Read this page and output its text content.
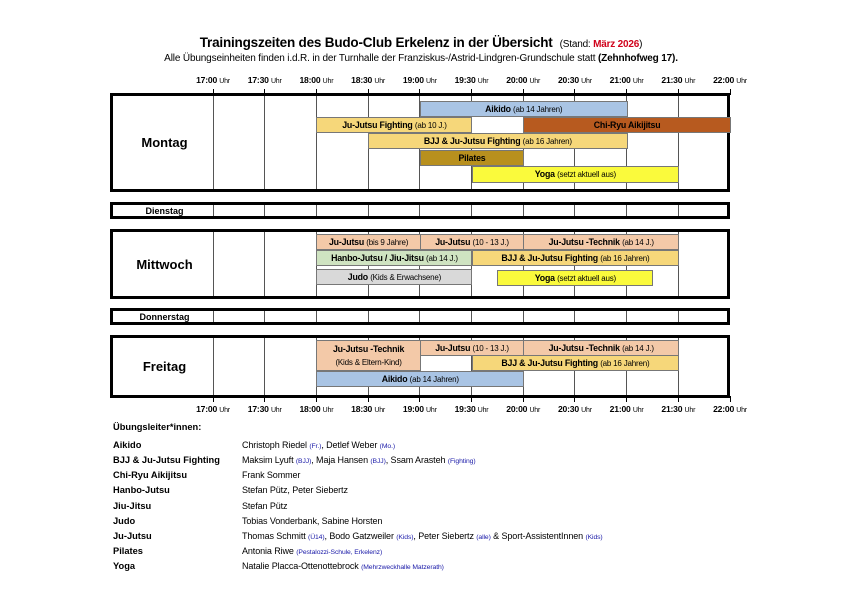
Trainingszeiten des Budo-Club Erkelenz in der Übersicht (Stand: März 2026)
Alle Übungseinheiten finden i.d.R. in der Turnhalle der Franziskus-/Astrid-Lindgren-Grundschule statt (Zehnhofweg 17).
17:00 Uhr 17:30 Uhr 18:00 Uhr 18:30 Uhr 19:00 Uhr 19:30 Uhr 20:00 Uhr 20:30 Uhr 21:00 Uhr 21:30 Uhr 22:00 Uhr
Montag
Aikido (ab 14 Jahren)
Ju-Jutsu Fighting (ab 10 J.)	Chi-Ryu Aikijitsu
BJJ & Ju-Jutsu Fighting (ab 16 Jahren)
Pilates
Yoga (setzt aktuell aus)
Dienstag
Mittwoch
Ju-Jutsu (bis 9 Jahre)	Ju-Jutsu (10 - 13 J.)	Ju-Jutsu -Technik (ab 14 J.)
Hanbo-Jutsu / Jiu-Jitsu (ab 14 J.)	BJJ & Ju-Jutsu Fighting (ab 16 Jahren)
Judo (Kids & Erwachsene)	Yoga (setzt aktuell aus)
Donnerstag
Freitag
Ju-Jutsu -Technik
(Kids & Eltern-Kind)
Ju-Jutsu (10 - 13 J.)	Ju-Jutsu -Technik (ab 14 J.)
BJJ & Ju-Jutsu Fighting (ab 16 Jahren)
Aikido (ab 14 Jahren)
17:00 Uhr 17:30 Uhr 18:00 Uhr 18:30 Uhr 19:00 Uhr 19:30 Uhr 20:00 Uhr 20:30 Uhr 21:00 Uhr 21:30 Uhr 22:00 Uhr
Übungsleiter*innen:
Aikido	Christoph Riedel (Fr.), Detlef Weber (Mo.)
BJJ & Ju-Jutsu Fighting	Maksim Lyuft (BJJ), Maja Hansen (BJJ), Ssam Arasteh (Fighting)
Chi-Ryu Aikijitsu	Frank Sommer
Hanbo-Jutsu	Stefan Pütz, Peter Siebertz
Jiu-Jitsu	Stefan Pütz
Judo	Tobias Vonderbank, Sabine Horsten
Ju-Jutsu	Thomas Schmitt (Ü14), Bodo Gatzweiler (Kids), Peter Siebertz (alle) & Sport-AssistentInnen (Kids)
Pilates	Antonia Riwe (Pestalozzi-Schule, Erkelenz)
Yoga	Natalie Placca-Ottenottebrock (Mehrzweckhalle Matzerath)
